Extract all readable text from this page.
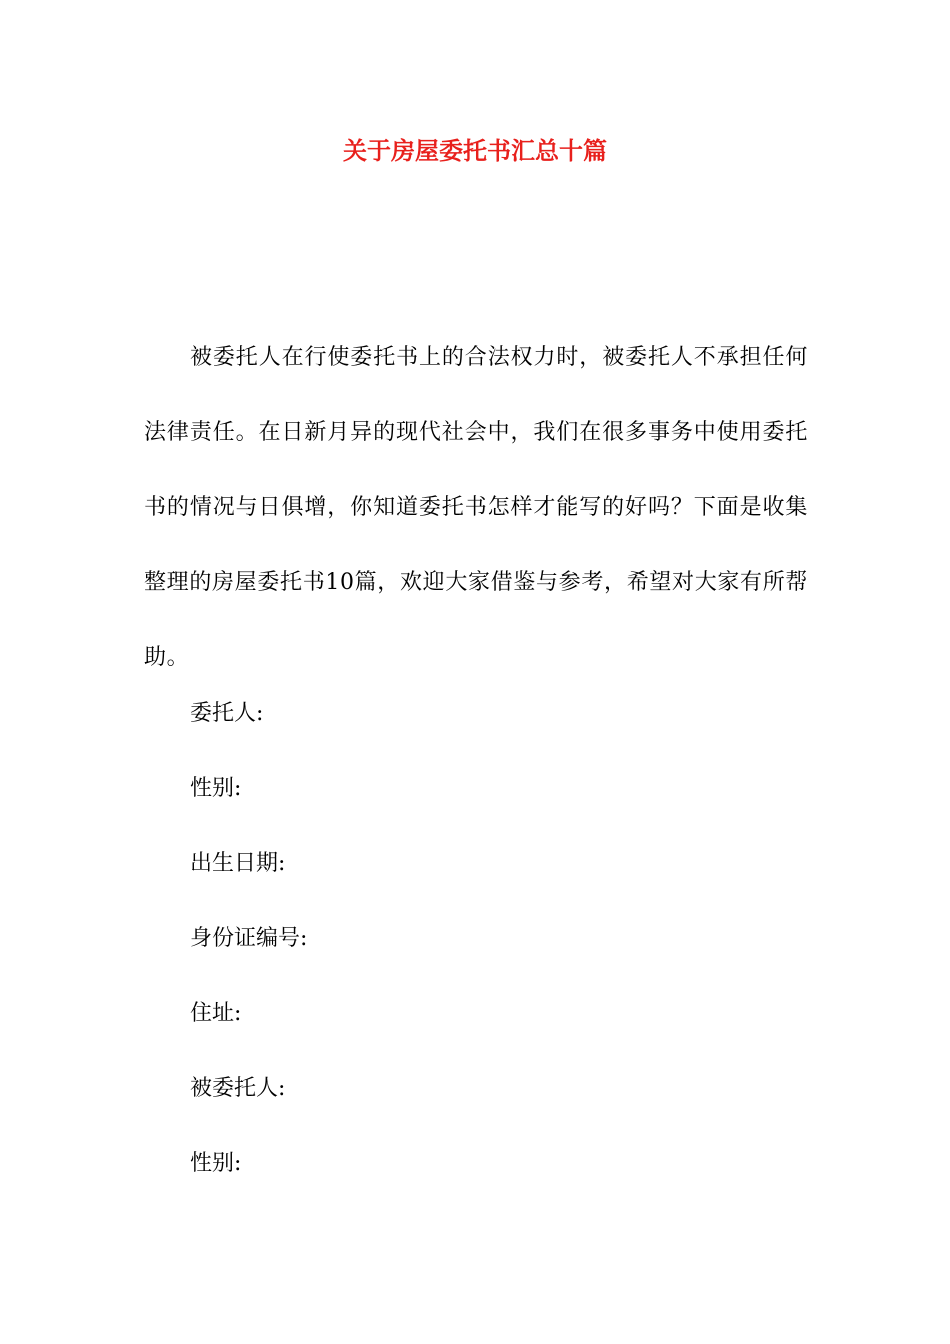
关于房屋委托书汇总十篇

被委托人在行使委托书上的合法权力时，被委托人不承担任何法律责任。在日新月异的现代社会中，我们在很多事务中使用委托书的情况与日俱增，你知道委托书怎样才能写的好吗？下面是收集整理的房屋委托书10篇，欢迎大家借鉴与参考，希望对大家有所帮助。

委托人:
性别:
出生日期:
身份证编号:
住址:
被委托人:
性别:
